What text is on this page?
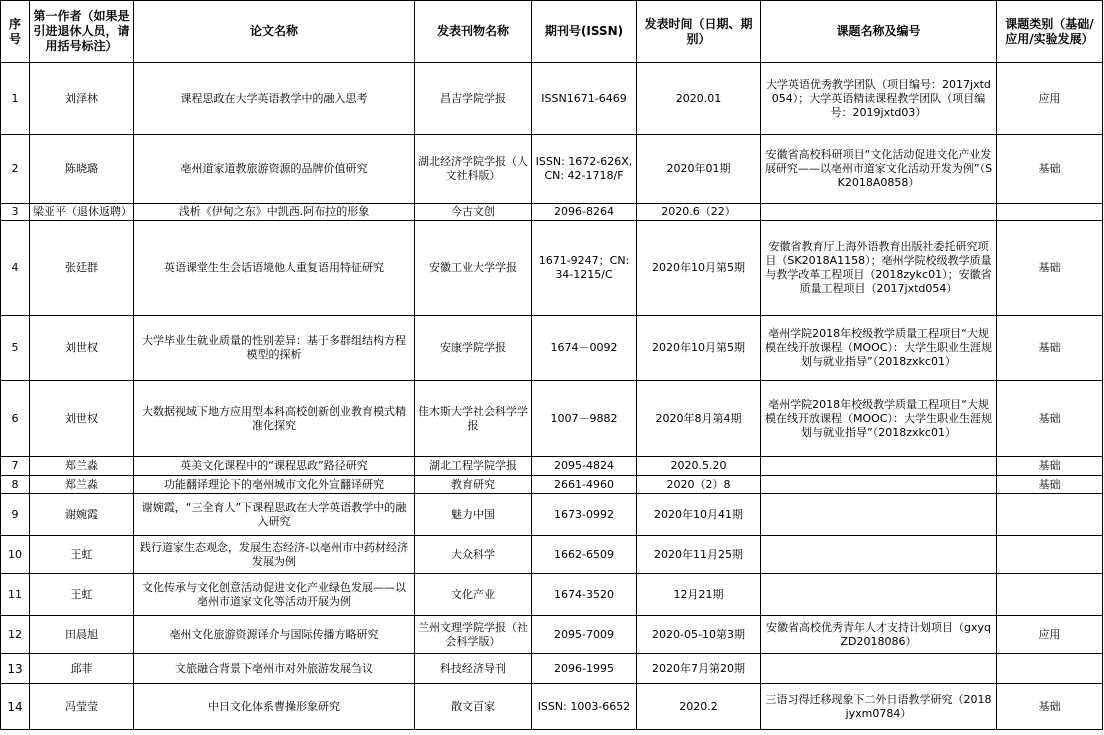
序号	第一作者（如果是引进退休人员，请用括号标注）	论文名称	发表刊物名称	期刊号(ISSN)	发表时间（日期、期别）	课题名称及编号	课题类别（基础/应用/实验发展）
1	刘泽林	课程思政在大学英语教学中的融入思考	昌吉学院学报	ISSN1671-6469	2020.01	大学英语优秀教学团队（项目编号：2017jxtd054）；大学英语精读课程教学团队（项目编号：2019jxtd03）	应用
2	陈晓璐	亳州道家道教旅游资源的品牌价值研究	湖北经济学院学报（人文社科版）	ISSN: 1672-626X, CN: 42-1718/F	2020年01期	安徽省高校科研项目“文化活动促进文化产业发展研究——以亳州市道家文化活动开发为例”（SK2018A0858）	基础
3	梁亚平（退休返聘）	浅析《伊甸之东》中凯西.阿布拉的形象	今古文创	2096-8264	2020.6（22）		
4	张廷群	英语课堂生生会话语境他人重复语用特征研究	安徽工业大学学报	1671-9247；CN: 34-1215/C	2020年10月第5期	安徽省教育厅上海外语教育出版社委托研究项目（SK2018A1158）；亳州学院校级教学质量与教学改革工程项目（2018zykc01）；安徽省质量工程项目（2017jxtd054）	基础
5	刘世权	大学毕业生就业质量的性别差异：基于多群组结构方程模型的探析	安康学院学报	1674－0092	2020年10月第5期	亳州学院2018年校级教学质量工程项目“大规模在线开放课程（MOOC）：大学生职业生涯规划与就业指导”（2018zxkc01）	基础
6	刘世权	大数据视域下地方应用型本科高校创新创业教育模式精准化探究	佳木斯大学社会科学学报	1007－9882	2020年8月第4期	亳州学院2018年校级教学质量工程项目“大规模在线开放课程（MOOC）：大学生职业生涯规划与就业指导”（2018zxkc01）	基础
7	郑兰淼	英美文化课程中的“课程思政”路径研究	湖北工程学院学报	2095-4824	2020.5.20		基础
8	郑兰淼	功能翻译理论下的亳州城市文化外宣翻译研究	教育研究	2661-4960	2020（2）8		基础
9	谢婉霞	谢婉霞，“三全育人”下课程思政在大学英语教学中的融入研究	魅力中国	1673-0992	2020年10月41期		
10	王虹	践行道家生态观念，发展生态经济-以亳州市中药材经济发展为例	大众科学	1662-6509	2020年11月25期		
11	王虹	文化传承与文化创意活动促进文化产业绿色发展——以亳州市道家文化等活动开展为例	文化产业	1674-3520	12月21期		
12	田晨旭	亳州文化旅游资源译介与国际传播方略研究	兰州文理学院学报（社会科学版）	2095-7009	2020-05-10第3期	安徽省高校优秀青年人才支持计划项目（gxyqZD2018086）	应用
13	邱菲	文旅融合背景下亳州市对外旅游发展刍议	科技经济导刊	2096-1995	2020年7月第20期		
14	冯莹莹	中日文化体系曹操形象研究	散文百家	ISSN: 1003-6652	2020.2	三语习得迁移现象下二外日语教学研究（2018jyxm0784）	基础
